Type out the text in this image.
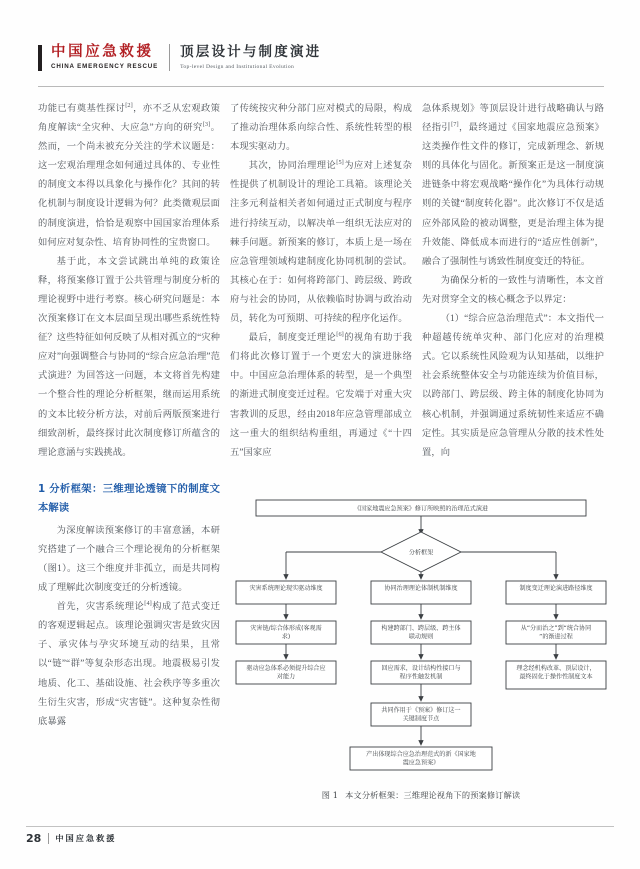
中国应急救援
CHINA EMERGENCY RESCUE
顶层设计与制度演进
Top-level Design and Institutional Evolution

功能已有奠基性探讨[2]，亦不乏从宏观政策角度解读“全灾种、大应急”方向的研究[3]。然而，一个尚未被充分关注的学术议题是：这一宏观治理理念如何通过具体的、专业性的制度文本得以具象化与操作化？其间的转化机制与制度设计逻辑为何？此类微观层面的制度演进，恰恰是观察中国国家治理体系如何应对复杂性、培育协同性的宝贵窗口。

基于此，本文尝试跳出单纯的政策诠释，将预案修订置于公共管理与制度分析的理论视野中进行考察。核心研究问题是：本次预案修订在文本层面呈现出哪些系统性特征？这些特征如何反映了从相对孤立的“灾种应对”向强调整合与协同的“综合应急治理”范式演进？为回答这一问题，本文将首先构建一个整合性的理论分析框架，继而运用系统的文本比较分析方法，对前后两版预案进行细致剖析，最终探讨此次制度修订所蕴含的理论意涵与实践挑战。

1 分析框架：三维理论透镜下的制度文本解读

为深度解读预案修订的丰富意涵，本研究搭建了一个融合三个理论视角的分析框架（图1）。这三个维度并非孤立，而是共同构成了理解此次制度变迁的分析透镜。

首先，灾害系统理论[4]构成了范式变迁的客观逻辑起点。该理论强调灾害是致灾因子、承灾体与孕灾环境互动的结果，且常以“链”“群”等复杂形态出现。地震极易引发地质、化工、基础设施、社会秩序等多重次生衍生灾害，形成“灾害链”。这种复杂性彻底暴露

了传统按灾种分部门应对模式的局限，构成了推动治理体系向综合性、系统性转型的根本现实驱动力。

其次，协同治理理论[5]为应对上述复杂性提供了机制设计的理论工具箱。该理论关注多元利益相关者如何通过正式制度与程序进行持续互动，以解决单一组织无法应对的棘手问题。新预案的修订，本质上是一场在应急管理领域构建制度化协同机制的尝试。其核心在于：如何将跨部门、跨层级、跨政府与社会的协同，从依赖临时协调与政治动员，转化为可预期、可持续的程序化运作。

最后，制度变迁理论[6]的视角有助于我们将此次修订置于一个更宏大的演进脉络中。中国应急治理体系的转型，是一个典型的渐进式制度变迁过程。它发端于对重大灾害教训的反思，经由2018年应急管理部成立这一重大的组织结构重组，再通过《“十四五”国家应

急体系规划》等顶层设计进行战略确认与路径指引[7]，最终通过《国家地震应急预案》这类操作性文件的修订，完成新理念、新规则的具体化与固化。新预案正是这一制度演进链条中将宏观战略“操作化”为具体行动规则的关键“制度转化器”。此次修订不仅是适应外部风险的被动调整，更是治理主体为提升效能、降低成本而进行的“适应性创新”，融合了强制性与诱致性制度变迁的特征。

为确保分析的一致性与清晰性，本文首先对贯穿全文的核心概念予以界定：

（1）“综合应急治理范式”：本文指代一种超越传统单灾种、部门化应对的治理模式。它以系统性风险观为认知基础，以维护社会系统整体安全与功能连续为价值目标，以跨部门、跨层级、跨主体的制度化协同为核心机制，并强调通过系统韧性来适应不确定性。其实质是应急管理从分散的技术性处置，向

《国家地震应急预案》修订所映照的治理范式演进
分析框架
灾害系统理论现实驱动维度
灾害链/综合体形成(客观需求)
驱动应急体系必须提升综合应对能力
协同治理理论体制机制维度
构建跨部门、跨层级、跨主体联动规则
回应需求，设计结构性接口与程序性触发机制
共同作用于《预案》修订这一关键制度节点
产出体现综合应急治理范式的新《国家地震应急预案》
制度变迁理论演进路径维度
从“分而治之”到“统合协同”的渐进过程
理念经机构改革、顶层设计，最终固化于操作性制度文本
图 1 本文分析框架：三维理论视角下的预案修订解读
28 中国应急救援
